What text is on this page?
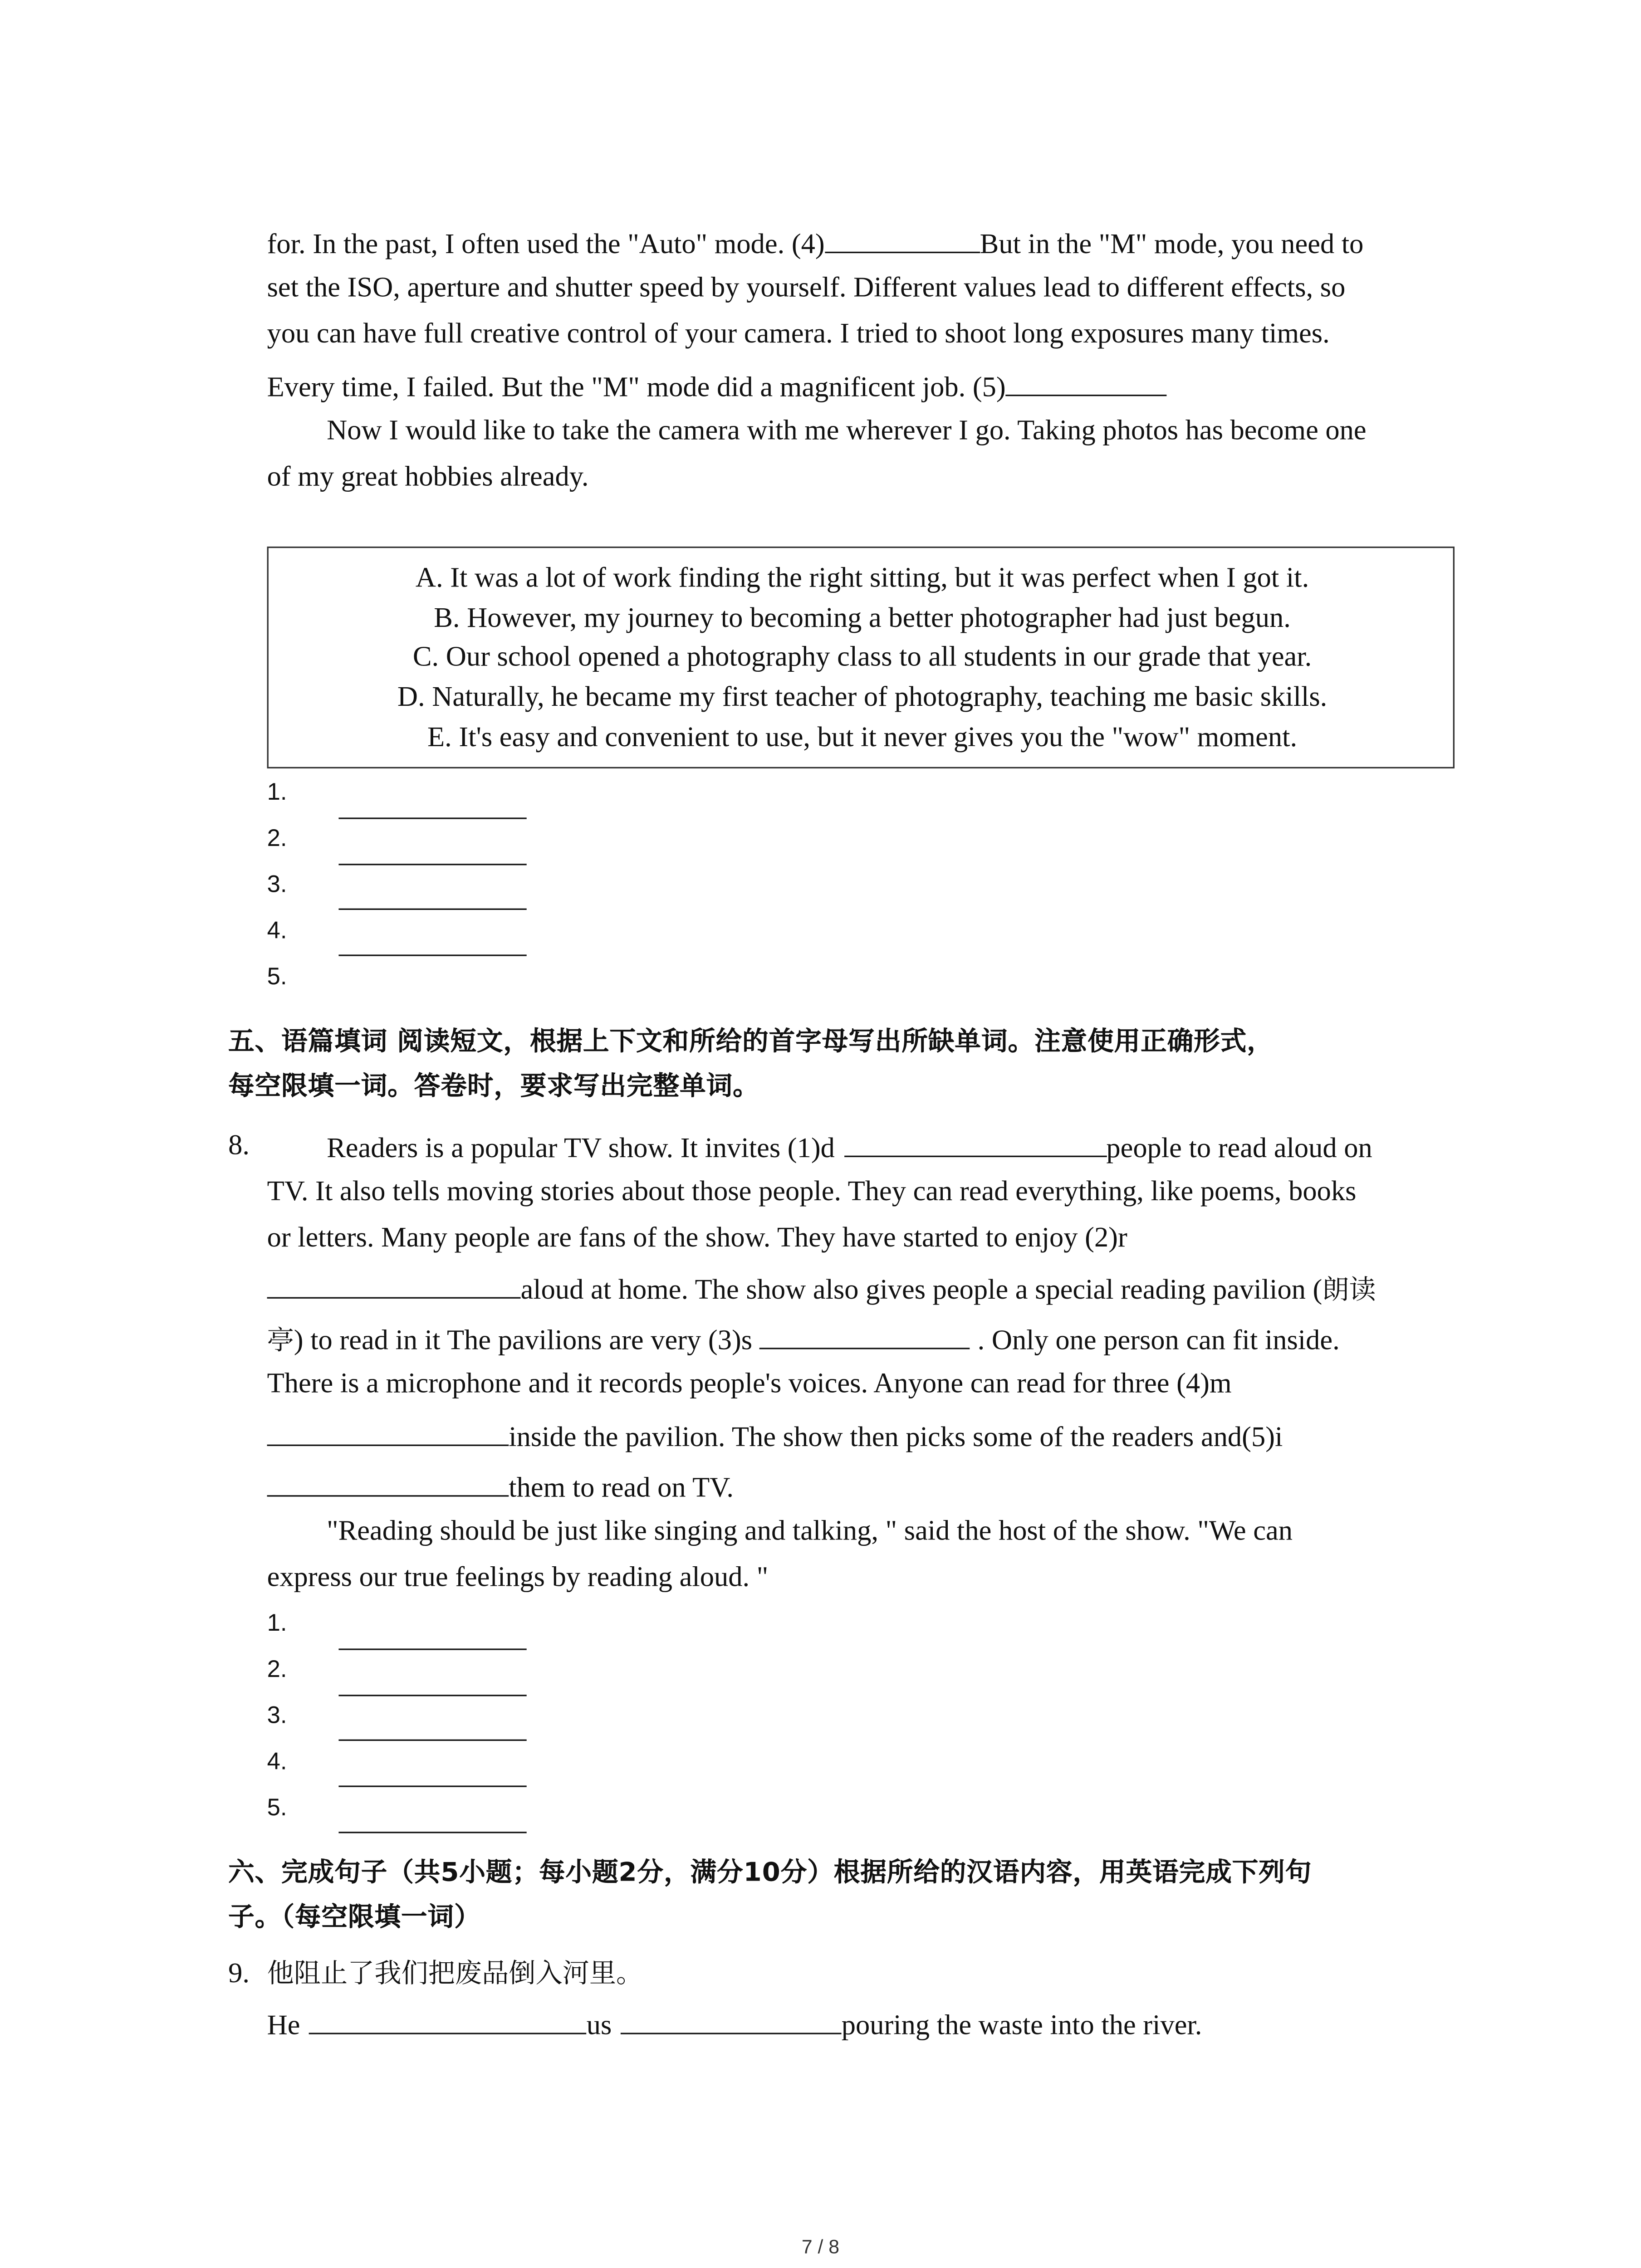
for. In the past, I often used the "Auto" mode. (4)	But in the "M" mode, you need to
set the ISO, aperture and shutter speed by yourself. Different values lead to different effects, so
you can have full creative control of your camera. I tried to shoot long exposures many times.
Every time, I failed. But the "M" mode did a magnificent job. (5)
Now I would like to take the camera with me wherever I go. Taking photos has become one
of my great hobbies already.
A. It was a lot of work finding the right sitting, but it was perfect when I got it.
B. However, my journey to becoming a better photographer had just begun.
C. Our school opened a photography class to all students in our grade that year.
D. Naturally, he became my first teacher of photography, teaching me basic skills.
E. It's easy and convenient to use, but it never gives you the "wow" moment.
1.
2.
3.
4.
5.
五、语篇填词 阅读短文，根据上下文和所给的首字母写出所缺单词。注意使用正确形式，
每空限填一词。答卷时，要求写出完整单词。
8.	Readers is a popular TV show. It invites (1)d	people to read aloud on
TV. It also tells moving stories about those people. They can read everything, like poems, books
or letters. Many people are fans of the show. They have started to enjoy (2)r
aloud at home. The show also gives people a special reading pavilion (朗读
亭) to read in it The pavilions are very (3)s	. Only one person can fit inside.
There is a microphone and it records people's voices. Anyone can read for three (4)m
inside the pavilion. The show then picks some of the readers and(5)i
them to read on TV.
"Reading should be just like singing and talking, " said the host of the show. "We can
express our true feelings by reading aloud. "
1.
2.
3.
4.
5.
六、完成句子（共5小题；每小题2分，满分10分）根据所给的汉语内容，用英语完成下列句
子。（每空限填一词）
9. 他阻止了我们把废品倒入河里。
He	us	pouring the waste into the river.
7 / 8
